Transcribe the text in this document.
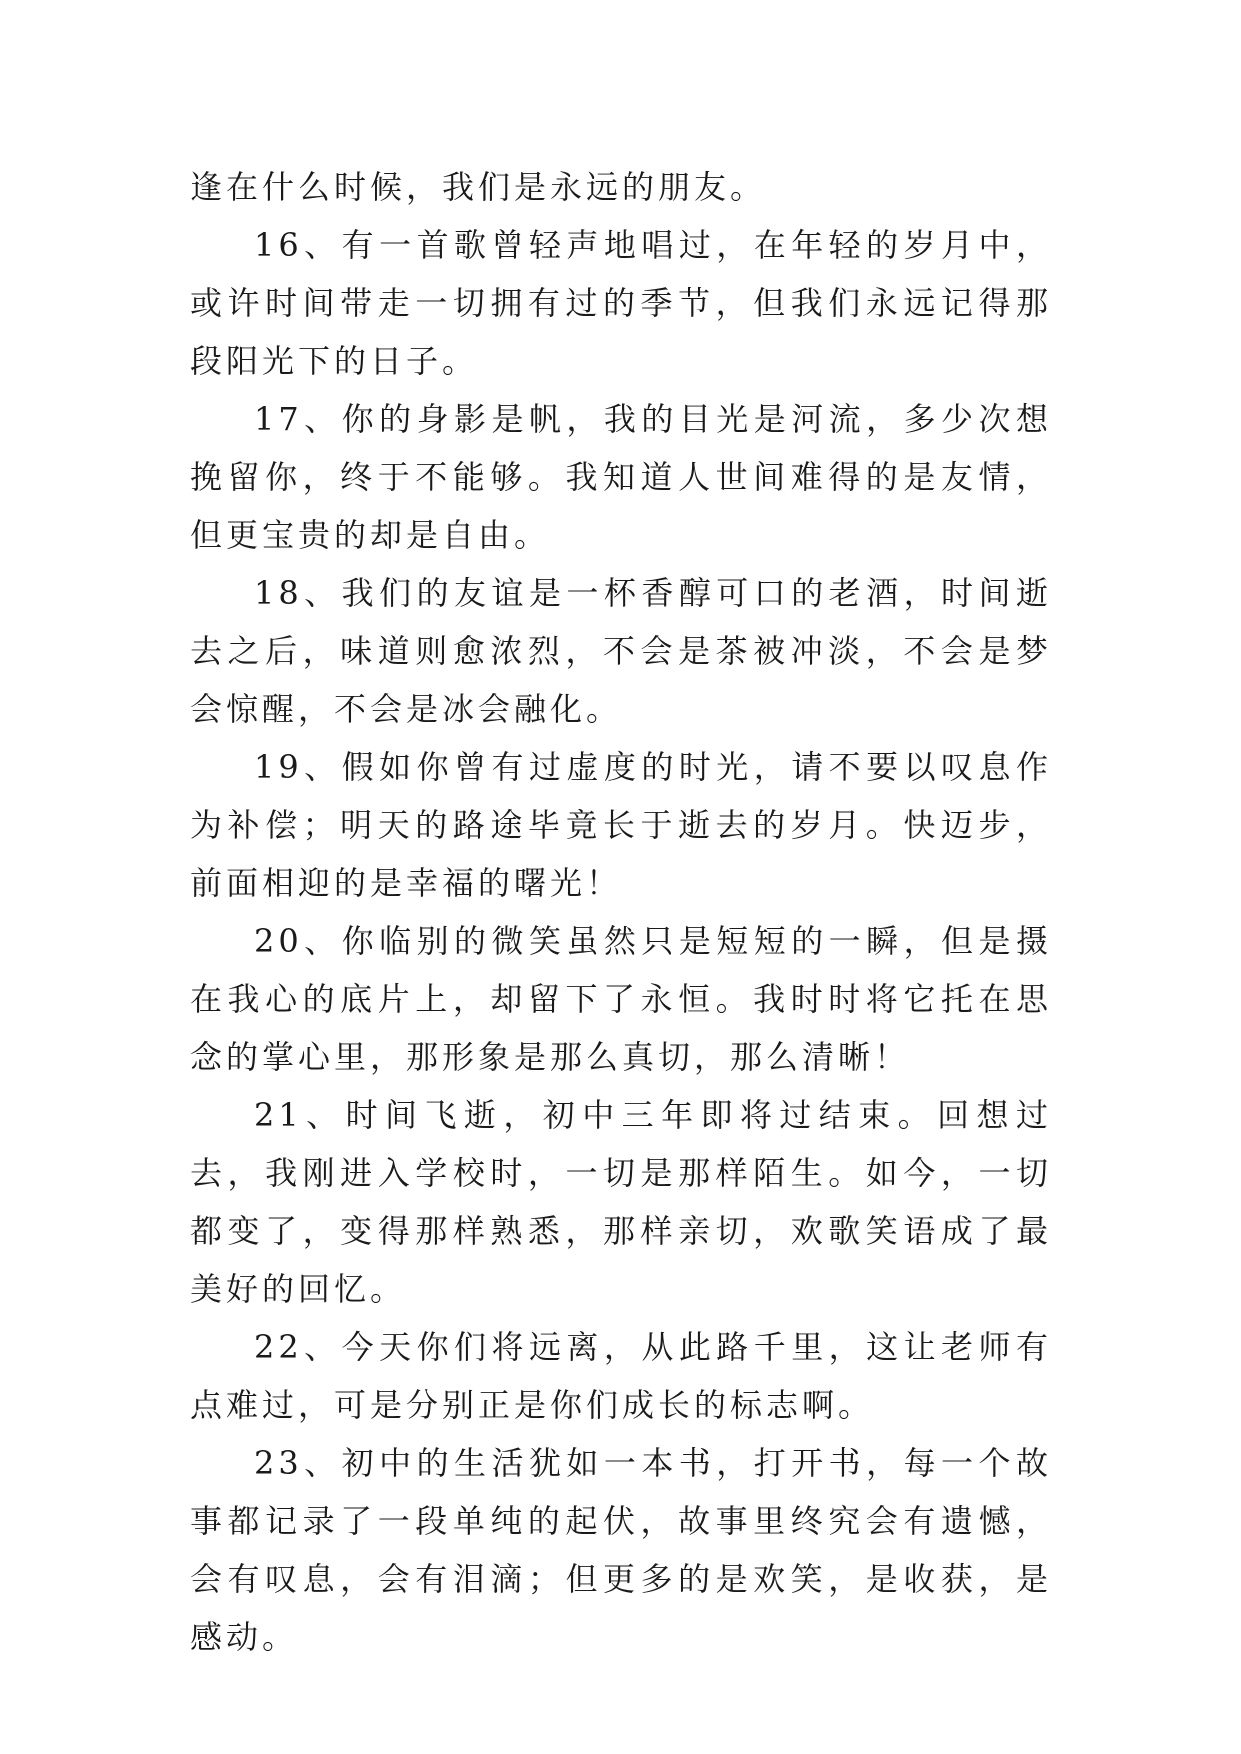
逢在什么时候，我们是永远的朋友。

16、有一首歌曾轻声地唱过，在年轻的岁月中，或许时间带走一切拥有过的季节，但我们永远记得那段阳光下的日子。

17、你的身影是帆，我的目光是河流，多少次想挽留你，终于不能够。我知道人世间难得的是友情，但更宝贵的却是自由。

18、我们的友谊是一杯香醇可口的老酒，时间逝去之后，味道则愈浓烈，不会是茶被冲淡，不会是梦会惊醒，不会是冰会融化。

19、假如你曾有过虚度的时光，请不要以叹息作为补偿；明天的路途毕竟长于逝去的岁月。快迈步，前面相迎的是幸福的曙光！

20、你临别的微笑虽然只是短短的一瞬，但是摄在我心的底片上，却留下了永恒。我时时将它托在思念的掌心里，那形象是那么真切，那么清晰！

21、时间飞逝，初中三年即将过结束。回想过去，我刚进入学校时，一切是那样陌生。如今，一切都变了，变得那样熟悉，那样亲切，欢歌笑语成了最美好的回忆。

22、今天你们将远离，从此路千里，这让老师有点难过，可是分别正是你们成长的标志啊。

23、初中的生活犹如一本书，打开书，每一个故事都记录了一段单纯的起伏，故事里终究会有遗憾，会有叹息，会有泪滴；但更多的是欢笑，是收获，是感动。
